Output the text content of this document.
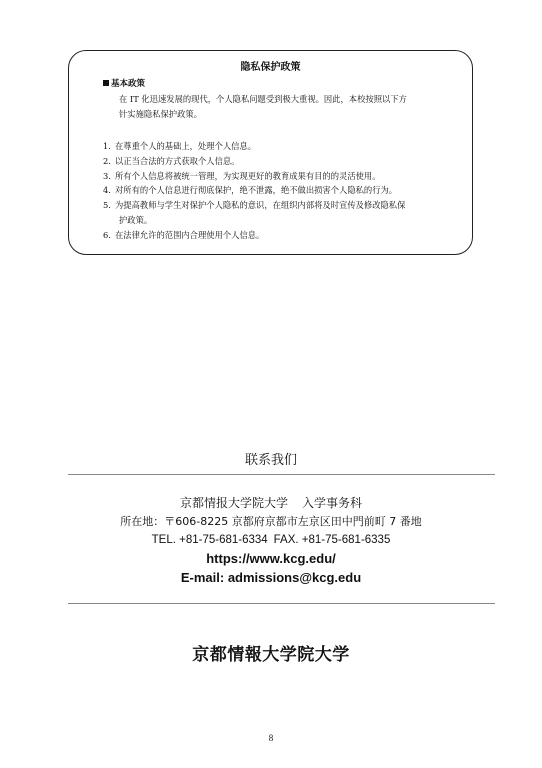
隐私保护政策
基本政策
在 IT 化迅速发展的现代，个人隐私问题受到极大重视。因此，本校按照以下方
针实施隐私保护政策。
1. 在尊重个人的基础上，处理个人信息。
2. 以正当合法的方式获取个人信息。
3. 所有个人信息将被统一管理，为实现更好的教育成果有目的的灵活使用。
4. 对所有的个人信息进行彻底保护，绝不泄露，绝不做出损害个人隐私的行为。
5. 为提高教师与学生对保护个人隐私的意识，在组织内部将及时宣传及修改隐私保
护政策。
6. 在法律允许的范围内合理使用个人信息。
联系我们
京都情报大学院大学 入学事务科
所在地：〒606-8225 京都府京都市左京区田中門前町 7 番地
TEL. +81-75-681-6334 FAX. +81-75-681-6335
https://www.kcg.edu/
E-mail: admissions@kcg.edu
京都情報大学院大学
8
